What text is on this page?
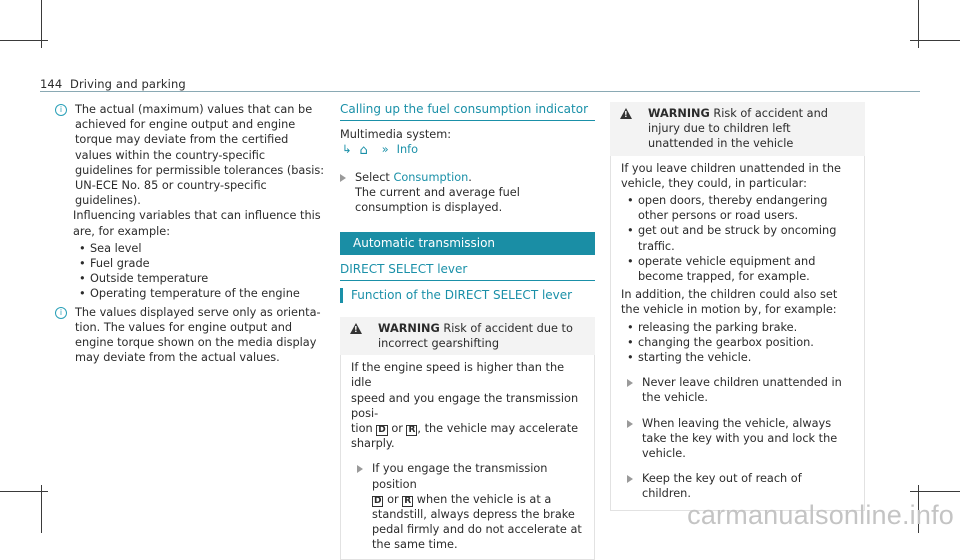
144 Driving and parking
i	The actual (maximum) values that can be achieved for engine output and engine torque may deviate from the certified values within the country-specific guidelines for permissible tolerances (basis: UN-ECE No. 85 or country-specific guidelines).
Influencing variables that can influence this are, for example:
• Sea level
• Fuel grade
• Outside temperature
• Operating temperature of the engine
i	The values displayed serve only as orientation. The values for engine output and engine torque shown on the media display may deviate from the actual values.
Calling up the fuel consumption indicator
Multimedia system:
↳ ⌂ » Info
Select Consumption.
The current and average fuel consumption is displayed.
Automatic transmission
DIRECT SELECT lever
Function of the DIRECT SELECT lever
!	WARNING Risk of accident due to incorrect gearshifting
If the engine speed is higher than the idle
speed and you engage the transmission posi-
tion D or R , the vehicle may accelerate sharply.
If you engage the transmission position
D or R when the vehicle is at a standstill, always depress the brake pedal firmly and do not accelerate at the same time.
!	WARNING Risk of accident and injury due to children left unattended in the vehicle
If you leave children unattended in the vehicle, they could, in particular:
• open doors, thereby endangering other persons or road users.
• get out and be struck by oncoming traffic.
• operate vehicle equipment and become trapped, for example.
In addition, the children could also set the vehicle in motion by, for example:
• releasing the parking brake.
• changing the gearbox position.
• starting the vehicle.
Never leave children unattended in the vehicle.
When leaving the vehicle, always take the key with you and lock the vehicle.
Keep the key out of reach of children.
carmanualsonline.info
